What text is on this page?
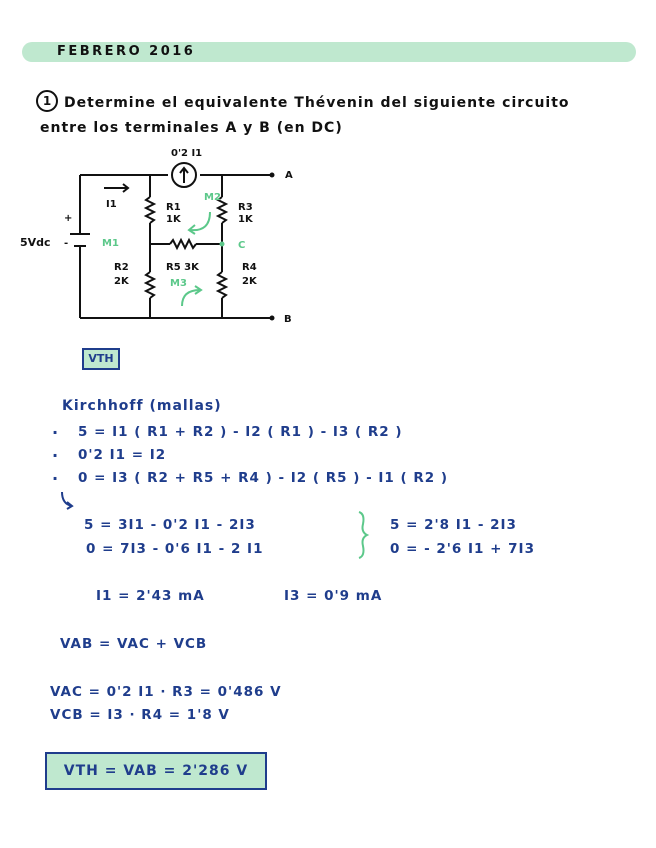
FEBRERO 2016
1 Determine el equivalente Thévenin del siguiente circuito
entre los terminales A y B (en DC)
0'2 I1
5Vdc
+
-
A
B
C
I1	R1
1K
R3
1K
R2
2K
R5 3K	R4
2K
M1
M2
M3
VTH
Kirchhoff (mallas)
· 5 = I1 ( R1 + R2 ) - I2 ( R1 ) - I3 ( R2 )
· 0'2 I1 = I2
· 0 = I3 ( R2 + R5 + R4 ) - I2 ( R5 ) - I1 ( R2 )
5 = 3I1 - 0'2 I1 - 2I3
0 = 7I3 - 0'6 I1 - 2 I1
5 = 2'8 I1 - 2I3
0 = - 2'6 I1 + 7I3
I1 = 2'43 mA	I3 = 0'9 mA
VAB = VAC + VCB
VAC = 0'2 I1 · R3 = 0'486 V
VCB = I3 · R4 = 1'8 V
VTH = VAB = 2'286 V
